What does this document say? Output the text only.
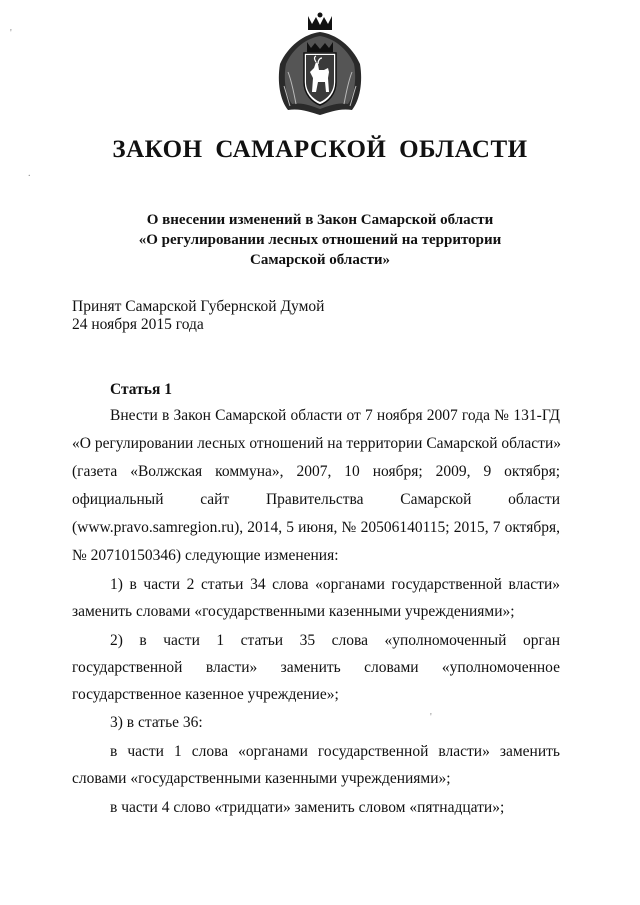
ЗАКОН САМАРСКОЙ ОБЛАСТИ
О внесении изменений в Закон Самарской области
«О регулировании лесных отношений на территории
Самарской области»
Принят Самарской Губернской Думой
24 ноября 2015 года
Статья 1
Внести в Закон Самарской области от 7 ноября 2007 года № 131-ГД
«О регулировании лесных отношений на территории Самарской области»
(газета «Волжская коммуна», 2007, 10 ноября; 2009, 9 октября;
официальный сайт Правительства Самарской области
(www.pravo.samregion.ru), 2014, 5 июня, № 20506140115; 2015, 7 октября,
№ 20710150346) следующие изменения:
1) в части 2 статьи 34 слова «органами государственной власти»
заменить словами «государственными казенными учреждениями»;
2) в части 1 статьи 35 слова «уполномоченный орган
государственной власти» заменить словами «уполномоченное
государственное казенное учреждение»;
3) в статье 36:
в части 1 слова «органами государственной власти» заменить
словами «государственными казенными учреждениями»;
в части 4 слово «тридцати» заменить словом «пятнадцати»;
'
.
'
